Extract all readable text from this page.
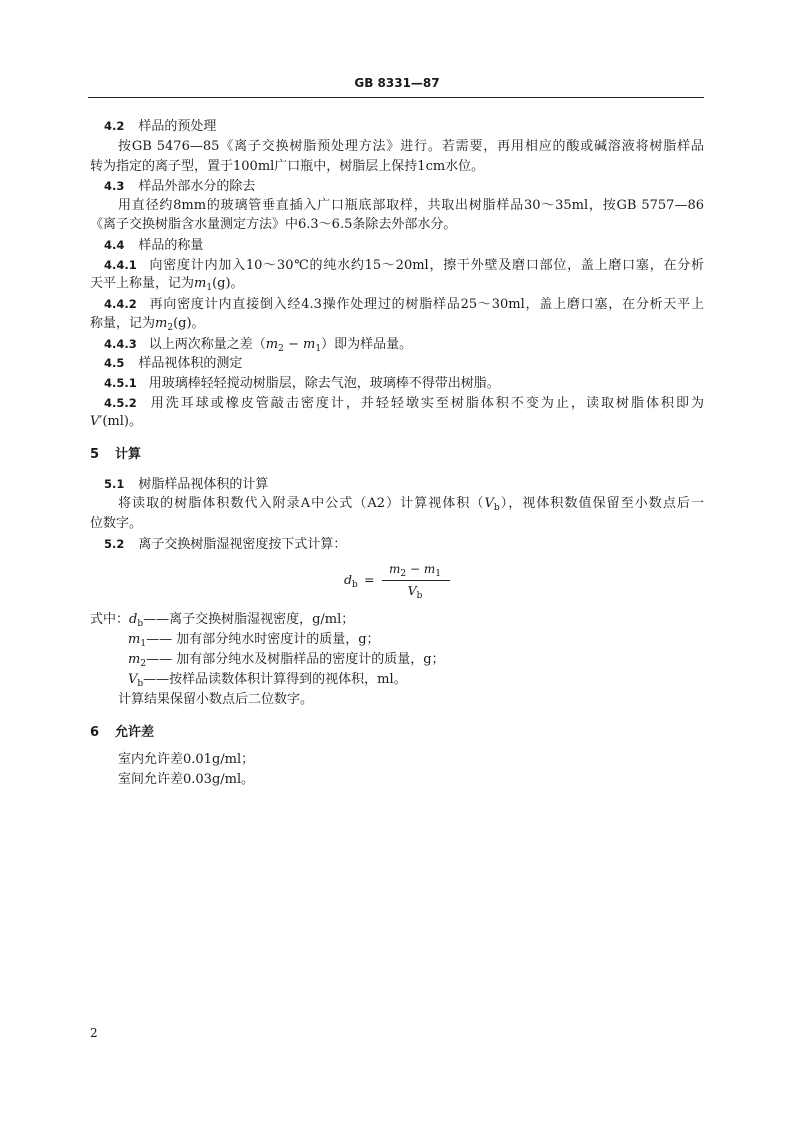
GB 8331—87
4.2 样品的预处理
按GB 5476—85《离子交换树脂预处理方法》进行。若需要，再用相应的酸或碱溶液将树脂样品
转为指定的离子型，置于100ml广口瓶中，树脂层上保持1cm水位。
4.3 样品外部水分的除去
用直径约8mm的玻璃管垂直插入广口瓶底部取样，共取出树脂样品30～35ml，按GB 5757—86
《离子交换树脂含水量测定方法》中6.3～6.5条除去外部水分。
4.4 样品的称量
4.4.1 向密度计内加入10～30℃的纯水约15～20ml，擦干外壁及磨口部位，盖上磨口塞，在分析
天平上称量，记为$m_1(g)$。
4.4.2 再向密度计内直接倒入经4.3操作处理过的树脂样品25～30ml，盖上磨口塞，在分析天平上
称量，记为$m_2(g)$。
4.4.3 以上两次称量之差$(m_2 - m_1)$即为样品量。
4.5 样品视体积的测定
4.5.1 用玻璃棒轻轻搅动树脂层，除去气泡，玻璃棒不得带出树脂。
4.5.2 用洗耳球或橡皮管敲击密度计，并轻轻墩实至树脂体积不变为止，读取树脂体积即为
V′(ml)。
5 计算
5.1 树脂样品视体积的计算
将读取的树脂体积数代入附录A中公式（A2）计算视体积$(V_b)$，视体积数值保留至小数点后一
位数字。
5.2 离子交换树脂湿视密度按下式计算：
$d_b$ =
$m_2 - m_1$
$V_b$
式中：$d_b——$离子交换树脂湿视密度，g/ml；
$m_1——$ 加有部分纯水时密度计的质量，g；
$m_2——$ 加有部分纯水及树脂样品的密度计的质量，g；
$V_b——$按样品读数体积计算得到的视体积，ml。
计算结果保留小数点后二位数字。
6 允许差
室内允许差0.01g/ml；
室间允许差0.03g/ml。
2
